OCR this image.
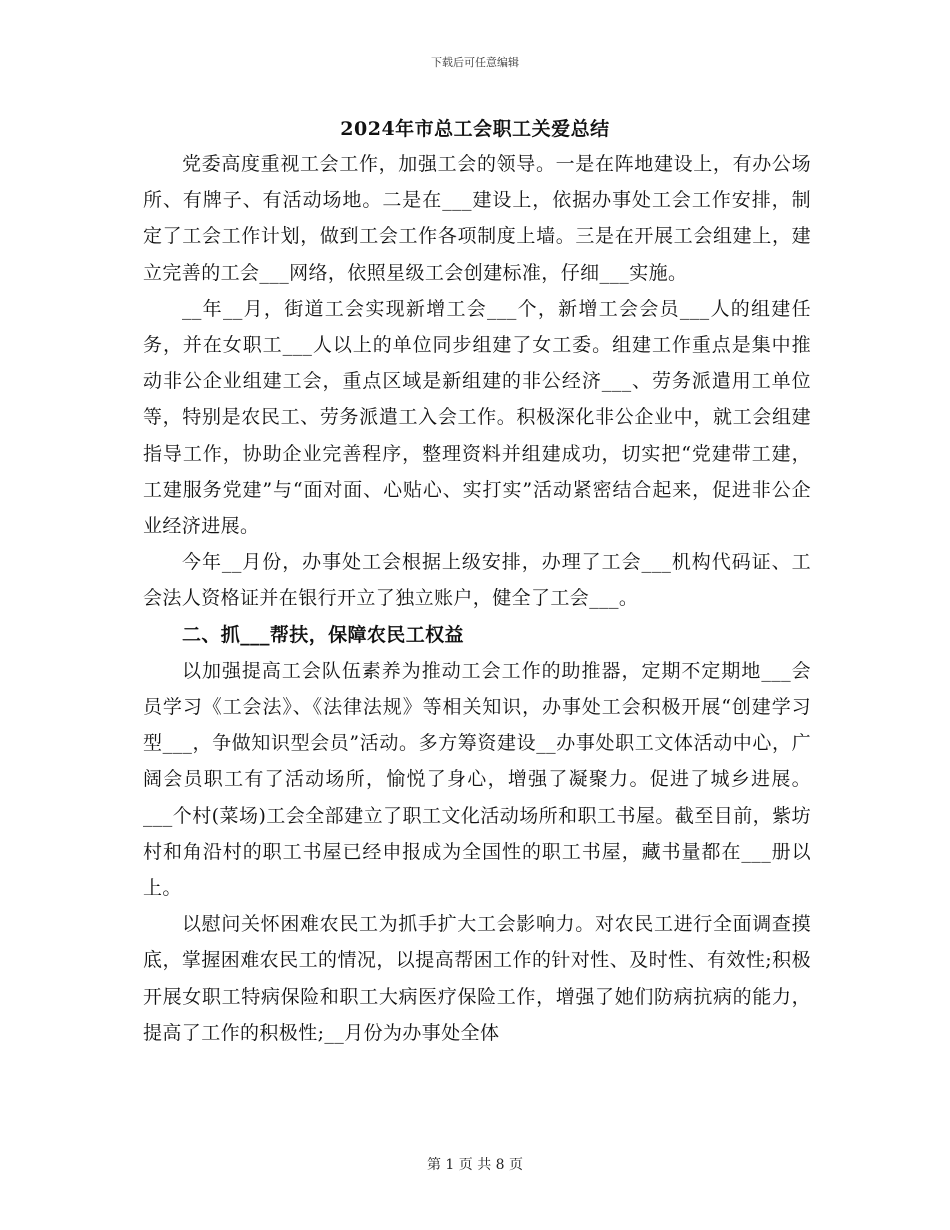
下载后可任意编辑
2024年市总工会职工关爱总结

党委高度重视工会工作，加强工会的领导。一是在阵地建设上，有办公场所、有牌子、有活动场地。二是在___建设上，依据办事处工会工作安排，制定了工会工作计划，做到工会工作各项制度上墙。三是在开展工会组建上，建立完善的工会___网络，依照星级工会创建标准，仔细___实施。

__年__月，街道工会实现新增工会___个，新增工会会员___人的组建任务，并在女职工___人以上的单位同步组建了女工委。组建工作重点是集中推动非公企业组建工会，重点区域是新组建的非公经济___、劳务派遣用工单位等，特别是农民工、劳务派遣工入会工作。积极深化非公企业中，就工会组建指导工作，协助企业完善程序，整理资料并组建成功，切实把“党建带工建，工建服务党建”与“面对面、心贴心、实打实”活动紧密结合起来，促进非公企业经济进展。

今年__月份，办事处工会根据上级安排，办理了工会___机构代码证、工会法人资格证并在银行开立了独立账户，健全了工会___。

二、抓___帮扶，保障农民工权益

以加强提高工会队伍素养为推动工会工作的助推器，定期不定期地___会员学习《工会法》、《法律法规》等相关知识，办事处工会积极开展“创建学习型___，争做知识型会员”活动。多方筹资建设__办事处职工文体活动中心，广阔会员职工有了活动场所，愉悦了身心，增强了凝聚力。促进了城乡进展。___个村(菜场)工会全部建立了职工文化活动场所和职工书屋。截至目前，紫坊村和角沿村的职工书屋已经申报成为全国性的职工书屋，藏书量都在___册以上。

以慰问关怀困难农民工为抓手扩大工会影响力。对农民工进行全面调查摸底，掌握困难农民工的情况，以提高帮困工作的针对性、及时性、有效性;积极开展女职工特病保险和职工大病医疗保险工作，增强了她们防病抗病的能力，提高了工作的积极性;__月份为办事处全体

第 1 页 共 8 页
